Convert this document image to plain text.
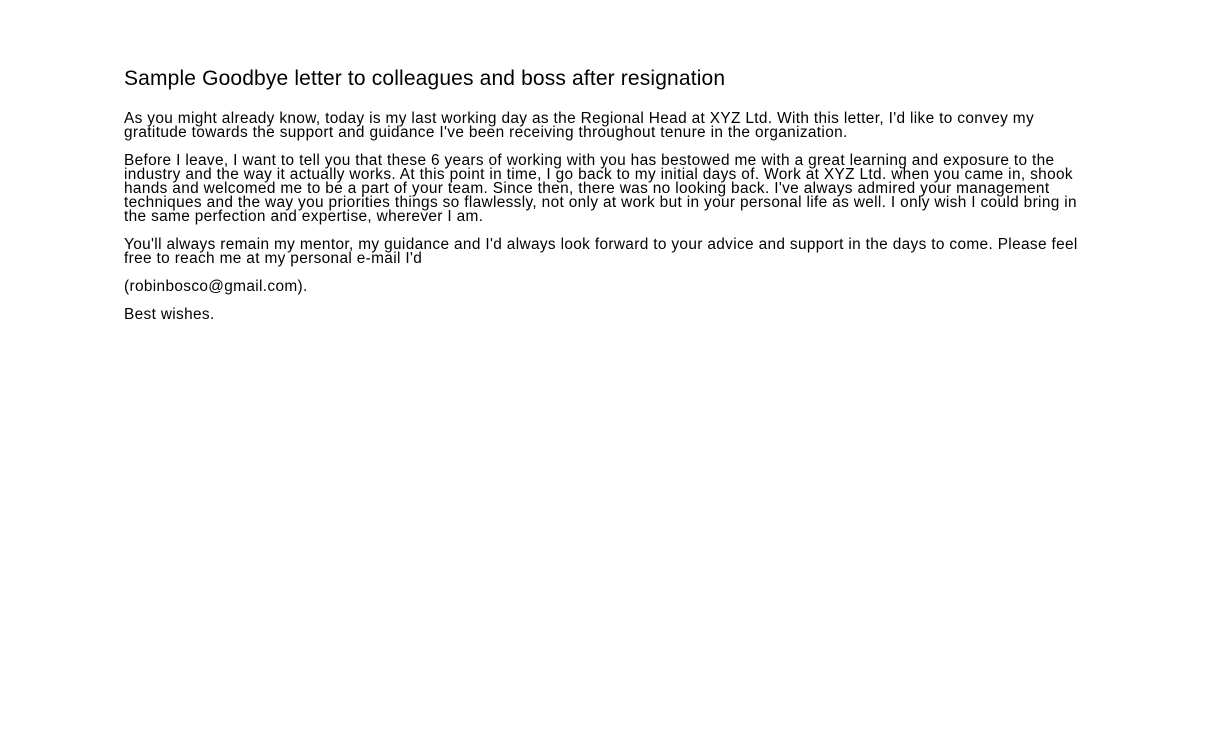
Sample Goodbye letter to colleagues and boss after resignation

As you might already know, today is my last working day as the Regional Head at XYZ Ltd. With this letter, I'd like to convey my gratitude towards the support and guidance I've been receiving throughout tenure in the organization.

Before I leave, I want to tell you that these 6 years of working with you has bestowed me with a great learning and exposure to the industry and the way it actually works. At this point in time, I go back to my initial days of. Work at XYZ Ltd. when you came in, shook hands and welcomed me to be a part of your team. Since then, there was no looking back. I've always admired your management techniques and the way you priorities things so flawlessly, not only at work but in your personal life as well. I only wish I could bring in the same perfection and expertise, wherever I am.

You'll always remain my mentor, my guidance and I'd always look forward to your advice and support in the days to come. Please feel free to reach me at my personal e-mail I'd

(robinbosco@gmail.com).

Best wishes.
